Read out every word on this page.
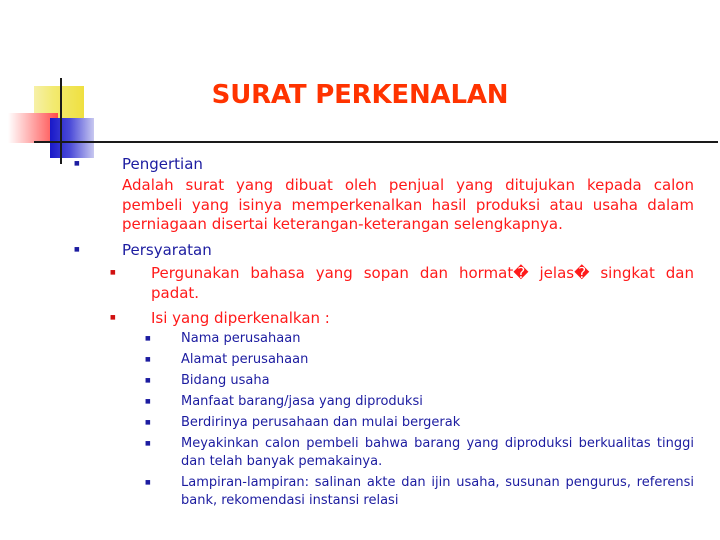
SURAT PERKENALAN
■	Pengertian

Adalah surat yang dibuat oleh penjual yang ditujukan kepada calon pembeli yang isinya memperkenalkan hasil produksi atau usaha dalam perniagaan disertai keterangan-keterangan selengkapnya.

■	Persyaratan
■ Pergunakan bahasa yang sopan dan hormat� jelas� singkat dan padat.
■ Isi yang diperkenalkan :
■ Nama perusahaan
■ Alamat perusahaan
■ Bidang usaha
■ Manfaat barang/jasa yang diproduksi
■ Berdirinya perusahaan dan mulai bergerak
■ Meyakinkan calon pembeli bahwa barang yang diproduksi berkualitas tinggi dan telah banyak pemakainya.
■ Lampiran-lampiran: salinan akte dan ijin usaha, susunan pengurus, referensi bank, rekomendasi instansi relasi
